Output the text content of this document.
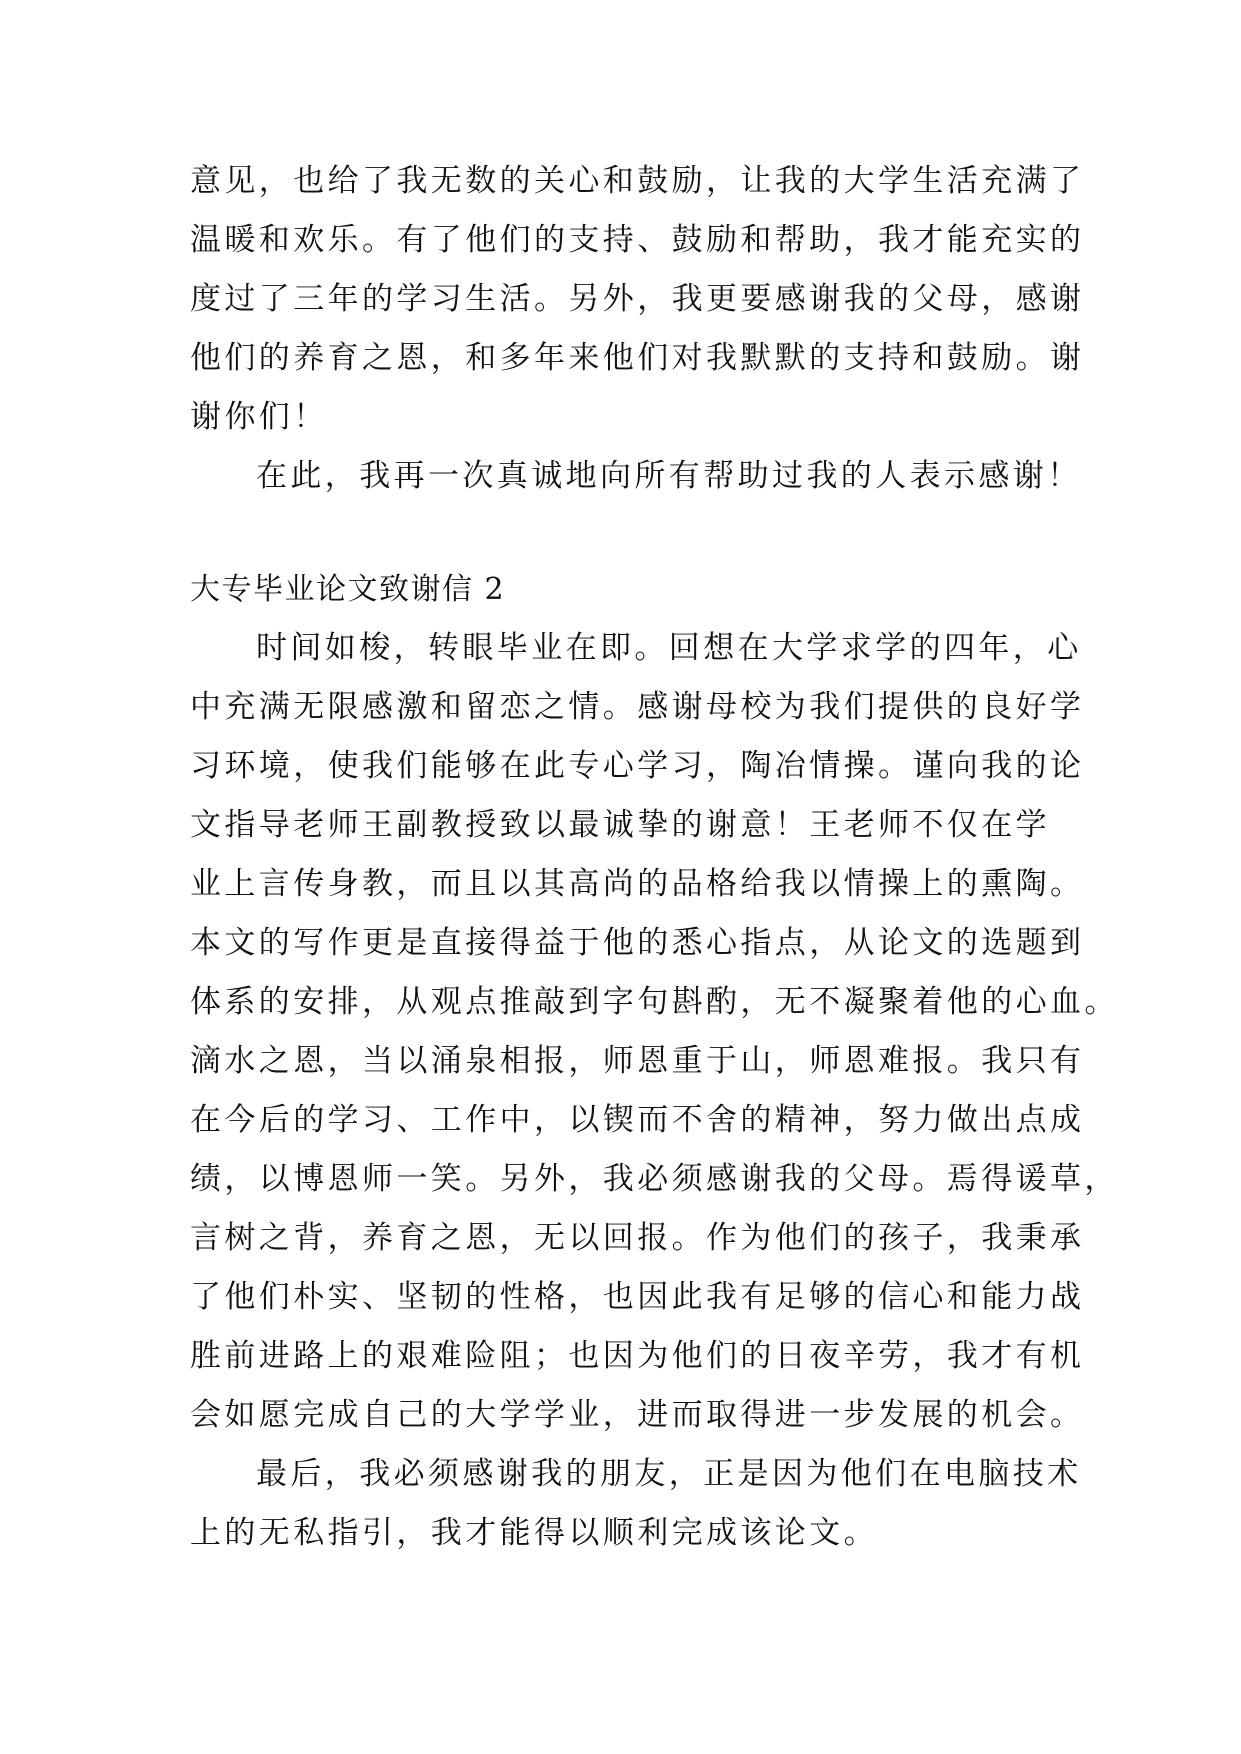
意见，也给了我无数的关心和鼓励，让我的大学生活充满了
温暖和欢乐。有了他们的支持、鼓励和帮助，我才能充实的
度过了三年的学习生活。另外，我更要感谢我的父母，感谢
他们的养育之恩，和多年来他们对我默默的支持和鼓励。谢
谢你们！
在此，我再一次真诚地向所有帮助过我的人表示感谢！
大专毕业论文致谢信 2
时间如梭，转眼毕业在即。回想在大学求学的四年，心
中充满无限感激和留恋之情。感谢母校为我们提供的良好学
习环境，使我们能够在此专心学习，陶冶情操。谨向我的论
文指导老师王副教授致以最诚挚的谢意！王老师不仅在学
业上言传身教，而且以其高尚的品格给我以情操上的熏陶。
本文的写作更是直接得益于他的悉心指点，从论文的选题到
体系的安排，从观点推敲到字句斟酌，无不凝聚着他的心血。
滴水之恩，当以涌泉相报，师恩重于山，师恩难报。我只有
在今后的学习、工作中，以锲而不舍的精神，努力做出点成
绩，以博恩师一笑。另外，我必须感谢我的父母。焉得谖草，
言树之背，养育之恩，无以回报。作为他们的孩子，我秉承
了他们朴实、坚韧的性格，也因此我有足够的信心和能力战
胜前进路上的艰难险阻；也因为他们的日夜辛劳，我才有机
会如愿完成自己的大学学业，进而取得进一步发展的机会。
最后，我必须感谢我的朋友，正是因为他们在电脑技术
上的无私指引，我才能得以顺利完成该论文。
